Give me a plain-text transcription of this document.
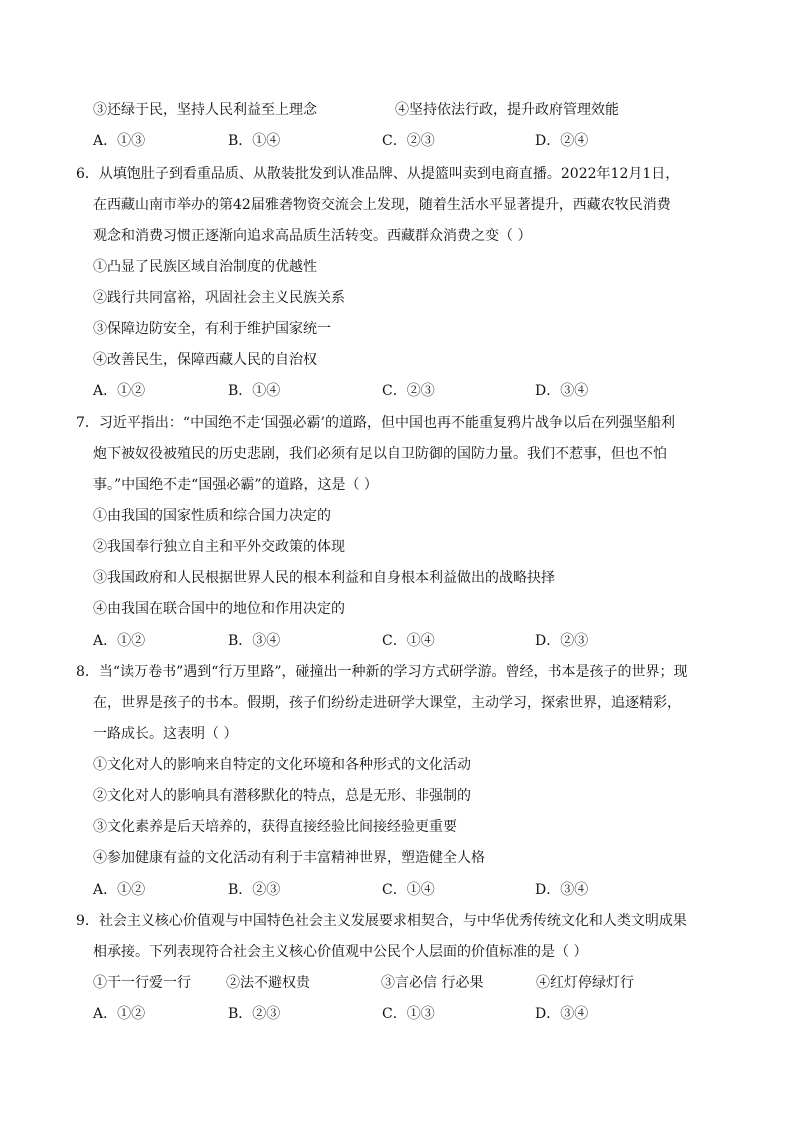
③还绿于民，坚持人民利益至上理念	④坚持依法行政，提升政府管理效能
A．①③	B．①④	C．②③	D．②④
6．从填饱肚子到看重品质、从散装批发到认准品牌、从提篮叫卖到电商直播。2022年12月1日，
在西藏山南市举办的第42届雅砻物资交流会上发现，随着生活水平显著提升，西藏农牧民消费
观念和消费习惯正逐渐向追求高品质生活转变。西藏群众消费之变（ ）
①凸显了民族区域自治制度的优越性
②践行共同富裕，巩固社会主义民族关系
③保障边防安全，有利于维护国家统一
④改善民生，保障西藏人民的自治权
A．①②	B．①④	C．②③	D．③④
7．习近平指出：“中国绝不走‘国强必霸’的道路，但中国也再不能重复鸦片战争以后在列强坚船利
炮下被奴役被殖民的历史悲剧，我们必须有足以自卫防御的国防力量。我们不惹事，但也不怕
事。”中国绝不走“国强必霸”的道路，这是（ ）
①由我国的国家性质和综合国力决定的
②我国奉行独立自主和平外交政策的体现
③我国政府和人民根据世界人民的根本利益和自身根本利益做出的战略抉择
④由我国在联合国中的地位和作用决定的
A．①②	B．③④	C．①④	D．②③
8．当“读万卷书”遇到“行万里路”，碰撞出一种新的学习方式研学游。曾经，书本是孩子的世界；现
在，世界是孩子的书本。假期，孩子们纷纷走进研学大课堂，主动学习，探索世界，追逐精彩，
一路成长。这表明（ ）
①文化对人的影响来自特定的文化环境和各种形式的文化活动
②文化对人的影响具有潜移默化的特点，总是无形、非强制的
③文化素养是后天培养的，获得直接经验比间接经验更重要
④参加健康有益的文化活动有利于丰富精神世界，塑造健全人格
A．①②	B．②③	C．①④	D．③④
9．社会主义核心价值观与中国特色社会主义发展要求相契合，与中华优秀传统文化和人类文明成果
相承接。下列表现符合社会主义核心价值观中公民个人层面的价值标准的是（ ）
①干一行爱一行	②法不避权贵	③言必信 行必果	④红灯停绿灯行
A．①②	B．②③	C．①③	D．③④
